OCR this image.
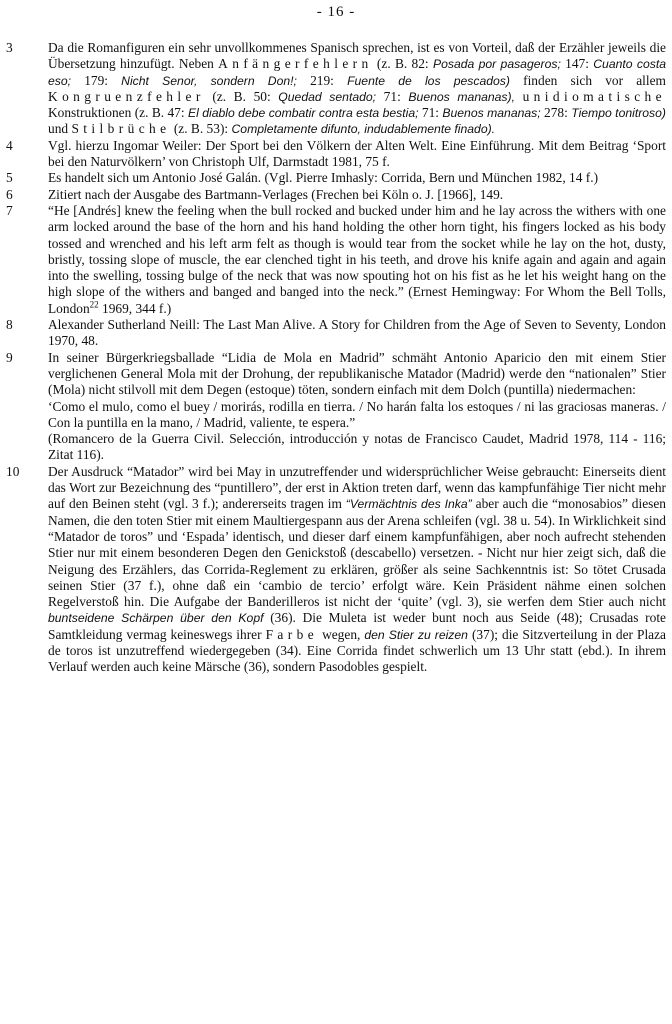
- 16 -

3	Da die Romanfiguren ein sehr unvollkommenes Spanisch sprechen, ist es von Vorteil, daß der Erzähler jeweils die Übersetzung hinzufügt. Neben Anfängerfehlern (z. B. 82: Posada por pasageros; 147: Cuanto costa eso; 179: Nicht Senor, sondern Don!; 219: Fuente de los pescados) finden sich vor allem Kongruenzfehler (z. B. 50: Quedad sentado; 71: Buenos mananas), unidiomatische Konstruktionen (z. B. 47: El diablo debe combatir contra esta bestia; 71: Buenos mananas; 278: Tiempo tonitroso) und Stilbrüche (z. B. 53): Completamente difunto, indudablemente finado).

4	Vgl. hierzu Ingomar Weiler: Der Sport bei den Völkern der Alten Welt. Eine Einführung. Mit dem Beitrag ‘Sport bei den Naturvölkern’ von Christoph Ulf, Darmstadt 1981, 75 f.

5	Es handelt sich um Antonio José Galán. (Vgl. Pierre Imhasly: Corrida, Bern und München 1982, 14 f.)

6	Zitiert nach der Ausgabe des Bartmann-Verlages (Frechen bei Köln o. J. [1966], 149.

7	“He [Andrés] knew the feeling when the bull rocked and bucked under him and he lay across the withers with one arm locked around the base of the horn and his hand holding the other horn tight, his fingers locked as his body tossed and wrenched and his left arm felt as though is would tear from the socket while he lay on the hot, dusty, bristly, tossing slope of muscle, the ear clenched tight in his teeth, and drove his knife again and again and again into the swelling, tossing bulge of the neck that was now spouting hot on his fist as he let his weight hang on the high slope of the withers and banged and banged into the neck.” (Ernest Hemingway: For Whom the Bell Tolls, London$^{22}$ 1969, 344 f.)

8	Alexander Sutherland Neill: The Last Man Alive. A Story for Children from the Age of Seven to Seventy, London 1970, 48.

9	In seiner Bürgerkriegsballade “Lidia de Mola en Madrid” schmäht Antonio Aparicio den mit einem Stier verglichenen General Mola mit der Drohung, der republikanische Matador (Madrid) werde den “nationalen” Stier (Mola) nicht stilvoll mit dem Degen (estoque) töten, sondern einfach mit dem Dolch (puntilla) niedermachen:
‘Como el mulo, como el buey / morirás, rodilla en tierra. / No harán falta los estoques / ni las graciosas maneras. / Con la puntilla en la mano, / Madrid, valiente, te espera.”
(Romancero de la Guerra Civil. Selección, introducción y notas de Francisco Caudet, Madrid 1978, 114 - 116; Zitat 116).

10	Der Ausdruck “Matador” wird bei May in unzutreffender und widersprüchlicher Weise gebraucht: Einerseits dient das Wort zur Bezeichnung des “puntillero”, der erst in Aktion treten darf, wenn das kampfunfähige Tier nicht mehr auf den Beinen steht (vgl. 3 f.); andererseits tragen im “Vermächtnis des Inka” aber auch die “monosabios” diesen Namen, die den toten Stier mit einem Maultiergespann aus der Arena schleifen (vgl. 38 u. 54). In Wirklichkeit sind “Matador de toros” und ‘Espada’ identisch, und dieser darf einem kampfunfähigen, aber noch aufrecht stehenden Stier nur mit einem besonderen Degen den Genickstoß (descabello) versetzen. - Nicht nur hier zeigt sich, daß die Neigung des Erzählers, das Corrida-Reglement zu erklären, größer als seine Sachkenntnis ist: So tötet Crusada seinen Stier (37 f.), ohne daß ein ‘cambio de tercio’ erfolgt wäre. Kein Präsident nähme einen solchen Regelverstoß hin. Die Aufgabe der Banderilleros ist nicht der ‘quite’ (vgl. 3), sie werfen dem Stier auch nicht buntseidene Schärpen über den Kopf (36). Die Muleta ist weder bunt noch aus Seide (48); Crusadas rote Samtkleidung vermag keineswegs ihrer Farbe wegen, den Stier zu reizen (37); die Sitzverteilung in der Plaza de toros ist unzutreffend wiedergegeben (34). Eine Corrida findet schwerlich um 13 Uhr statt (ebd.). In ihrem Verlauf werden auch keine Märsche (36), sondern Pasodobles gespielt.
